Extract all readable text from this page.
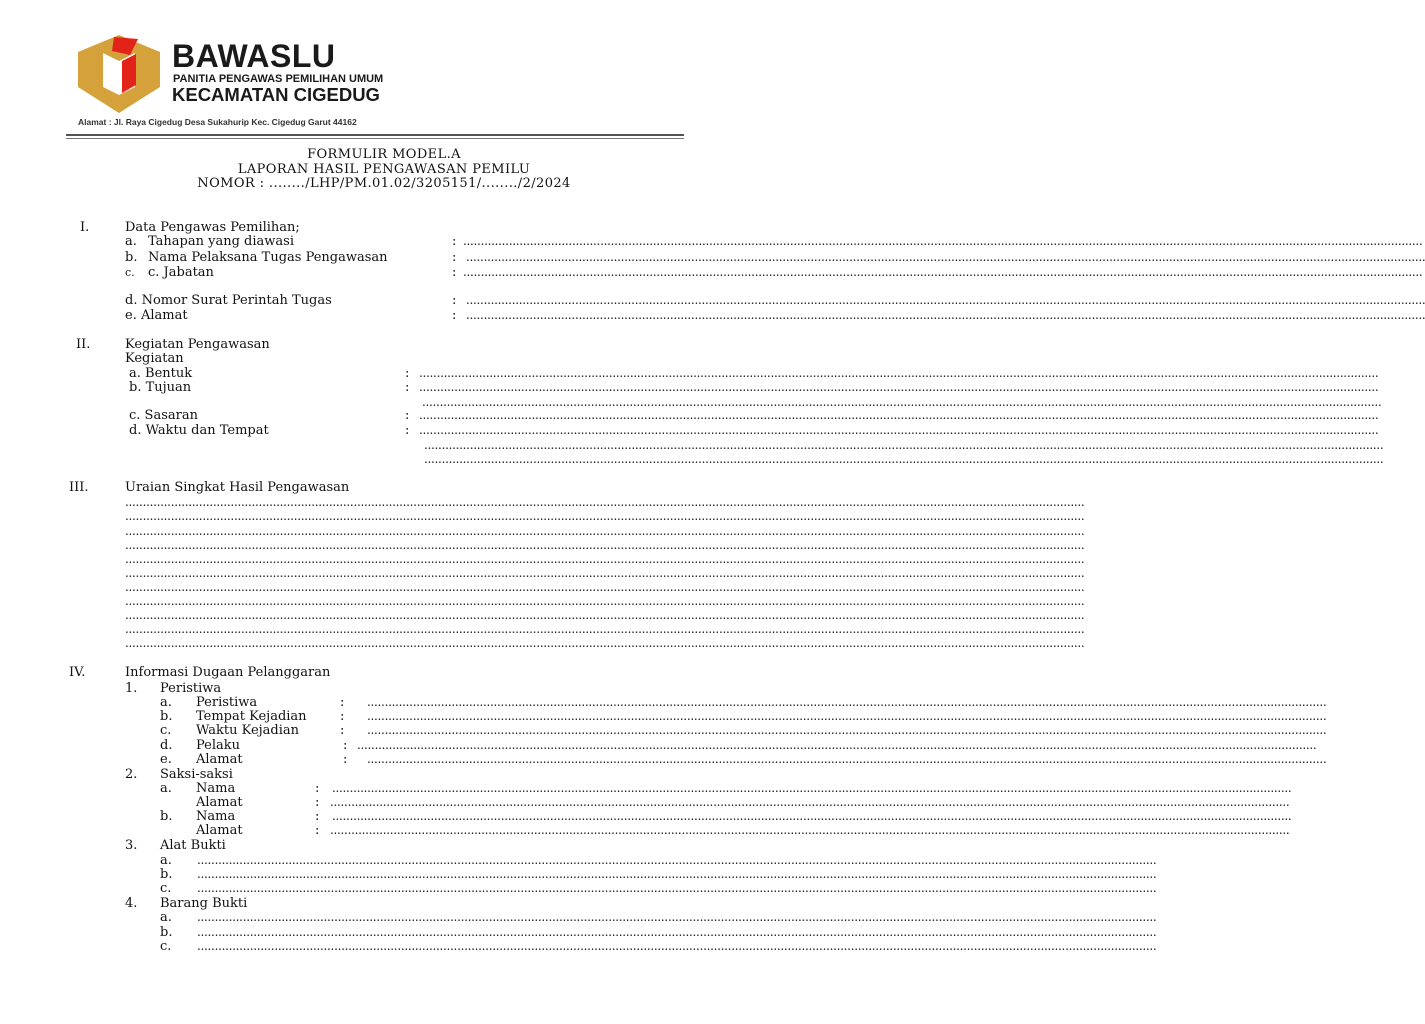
BAWASLU
PANITIA PENGAWAS PEMILIHAN UMUM
KECAMATAN CIGEDUG
Alamat : Jl. Raya Cigedug Desa Sukahurip Kec. Cigedug Garut 44162
FORMULIR MODEL.A
LAPORAN HASIL PENGAWASAN PEMILU
NOMOR : ......../LHP/PM.01.02/3205151/......../2/2024
I.	Data Pengawas Pemilihan;
a. Tahapan yang diawasi	: .................................................................................................................................................................................................................................................................................
b. Nama Pelaksana Tugas Pengawasan	: .................................................................................................................................................................................................................................................................................
c. c. Jabatan	: .................................................................................................................................................................................................................................................................................
d. Nomor Surat Perintah Tugas	: .................................................................................................................................................................................................................................................................................
e. Alamat	: .................................................................................................................................................................................................................................................................................
II.	Kegiatan Pengawasan
Kegiatan
a. Bentuk	: .................................................................................................................................................................................................................................................................................
b. Tujuan	: .................................................................................................................................................................................................................................................................................
.................................................................................................................................................................................................................................................................................
c. Sasaran	: .................................................................................................................................................................................................................................................................................
d. Waktu dan Tempat	: .................................................................................................................................................................................................................................................................................
.................................................................................................................................................................................................................................................................................
.................................................................................................................................................................................................................................................................................
III.	Uraian Singkat Hasil Pengawasan
.................................................................................................................................................................................................................................................................................
.................................................................................................................................................................................................................................................................................
.................................................................................................................................................................................................................................................................................
.................................................................................................................................................................................................................................................................................
.................................................................................................................................................................................................................................................................................
.................................................................................................................................................................................................................................................................................
.................................................................................................................................................................................................................................................................................
.................................................................................................................................................................................................................................................................................
.................................................................................................................................................................................................................................................................................
.................................................................................................................................................................................................................................................................................
.................................................................................................................................................................................................................................................................................
IV.	Informasi Dugaan Pelanggaran
1. Peristiwa
a. Peristiwa	: .................................................................................................................................................................................................................................................................................
b. Tempat Kejadian	: .................................................................................................................................................................................................................................................................................
c. Waktu Kejadian	: .................................................................................................................................................................................................................................................................................
d. Pelaku	: .................................................................................................................................................................................................................................................................................
e. Alamat	: .................................................................................................................................................................................................................................................................................
2. Saksi-saksi
a. Nama	: .................................................................................................................................................................................................................................................................................
Alamat	: .................................................................................................................................................................................................................................................................................
b. Nama	: .................................................................................................................................................................................................................................................................................
Alamat	: .................................................................................................................................................................................................................................................................................
3. Alat Bukti
a. .................................................................................................................................................................................................................................................................................
b. .................................................................................................................................................................................................................................................................................
c. .................................................................................................................................................................................................................................................................................
4. Barang Bukti
a. .................................................................................................................................................................................................................................................................................
b. .................................................................................................................................................................................................................................................................................
c. .................................................................................................................................................................................................................................................................................
